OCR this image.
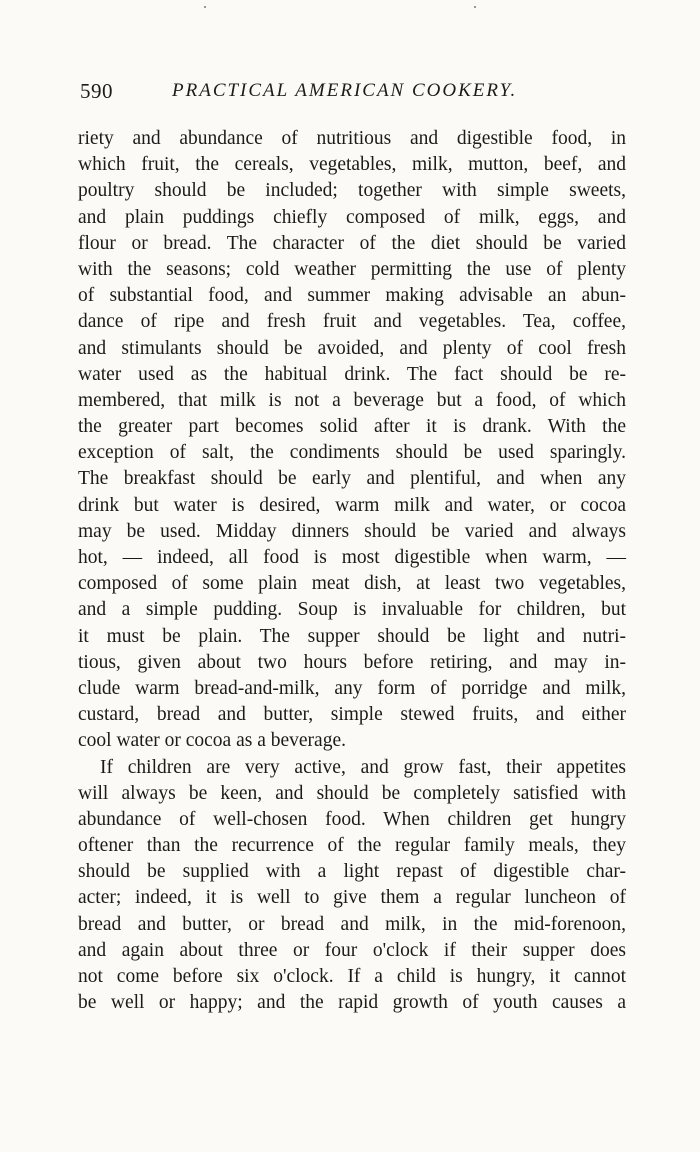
590	PRACTICAL AMERICAN COOKERY.
riety and abundance of nutritious and digestible food, in
which fruit, the cereals, vegetables, milk, mutton, beef, and
poultry should be included; together with simple sweets,
and plain puddings chiefly composed of milk, eggs, and
flour or bread. The character of the diet should be varied
with the seasons; cold weather permitting the use of plenty
of substantial food, and summer making advisable an abun-
dance of ripe and fresh fruit and vegetables. Tea, coffee,
and stimulants should be avoided, and plenty of cool fresh
water used as the habitual drink. The fact should be re-
membered, that milk is not a beverage but a food, of which
the greater part becomes solid after it is drank. With the
exception of salt, the condiments should be used sparingly.
The breakfast should be early and plentiful, and when any
drink but water is desired, warm milk and water, or cocoa
may be used. Midday dinners should be varied and always
hot, — indeed, all food is most digestible when warm, —
composed of some plain meat dish, at least two vegetables,
and a simple pudding. Soup is invaluable for children, but
it must be plain. The supper should be light and nutri-
tious, given about two hours before retiring, and may in-
clude warm bread-and-milk, any form of porridge and milk,
custard, bread and butter, simple stewed fruits, and either
cool water or cocoa as a beverage.
If children are very active, and grow fast, their appetites
will always be keen, and should be completely satisfied with
abundance of well-chosen food. When children get hungry
oftener than the recurrence of the regular family meals, they
should be supplied with a light repast of digestible char-
acter; indeed, it is well to give them a regular luncheon of
bread and butter, or bread and milk, in the mid-forenoon,
and again about three or four o'clock if their supper does
not come before six o'clock. If a child is hungry, it cannot
be well or happy; and the rapid growth of youth causes a
